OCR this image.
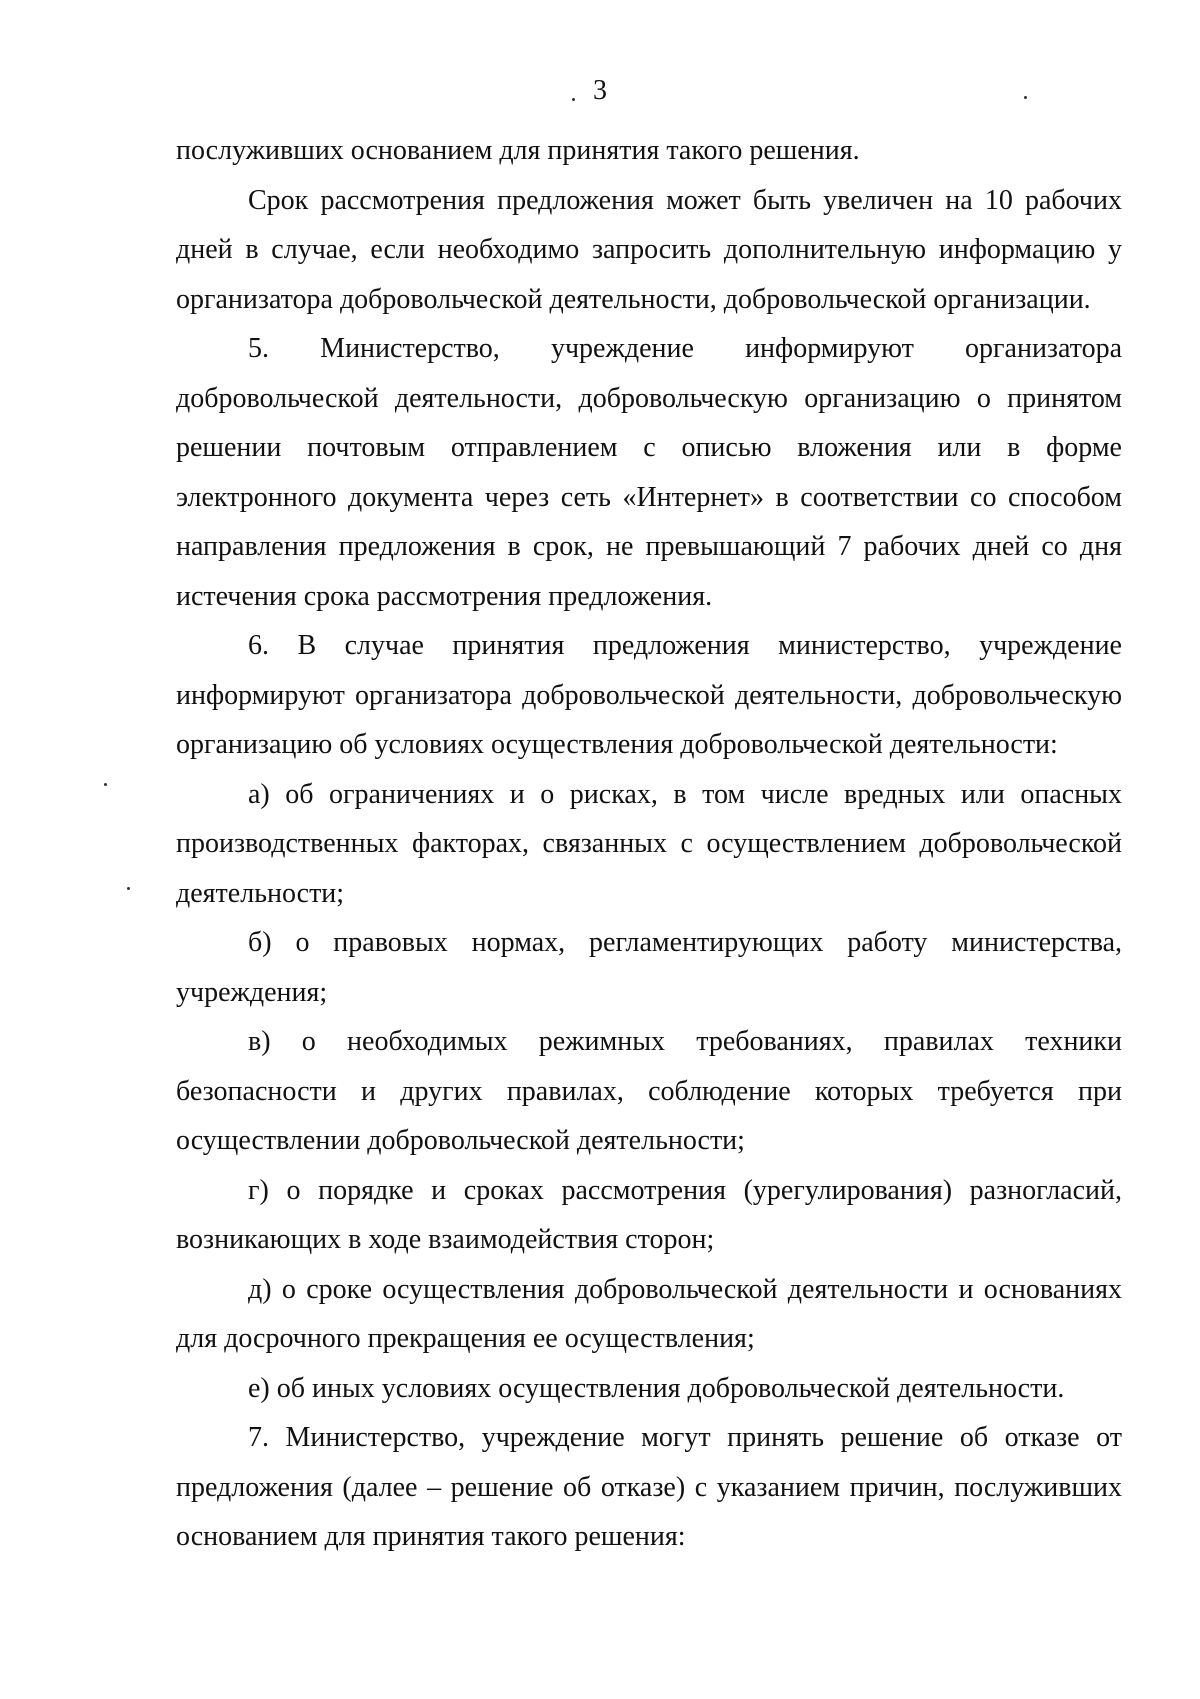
3

послуживших основанием для принятия такого решения.

Срок рассмотрения предложения может быть увеличен на 10 рабочих дней в случае, если необходимо запросить дополнительную информацию у организатора добровольческой деятельности, добровольческой организации.

5. Министерство, учреждение информируют организатора добровольческой деятельности, добровольческую организацию о принятом решении почтовым отправлением с описью вложения или в форме электронного документа через сеть «Интернет» в соответствии со способом направления предложения в срок, не превышающий 7 рабочих дней со дня истечения срока рассмотрения предложения.

6. В случае принятия предложения министерство, учреждение информируют организатора добровольческой деятельности, добровольческую организацию об условиях осуществления добровольческой деятельности:

а) об ограничениях и о рисках, в том числе вредных или опасных производственных факторах, связанных с осуществлением добровольческой деятельности;

б) о правовых нормах, регламентирующих работу министерства, учреждения;

в) о необходимых режимных требованиях, правилах техники безопасности и других правилах, соблюдение которых требуется при осуществлении добровольческой деятельности;

г) о порядке и сроках рассмотрения (урегулирования) разногласий, возникающих в ходе взаимодействия сторон;

д) о сроке осуществления добровольческой деятельности и основаниях для досрочного прекращения ее осуществления;

е) об иных условиях осуществления добровольческой деятельности.

7. Министерство, учреждение могут принять решение об отказе от предложения (далее – решение об отказе) с указанием причин, послуживших основанием для принятия такого решения:
